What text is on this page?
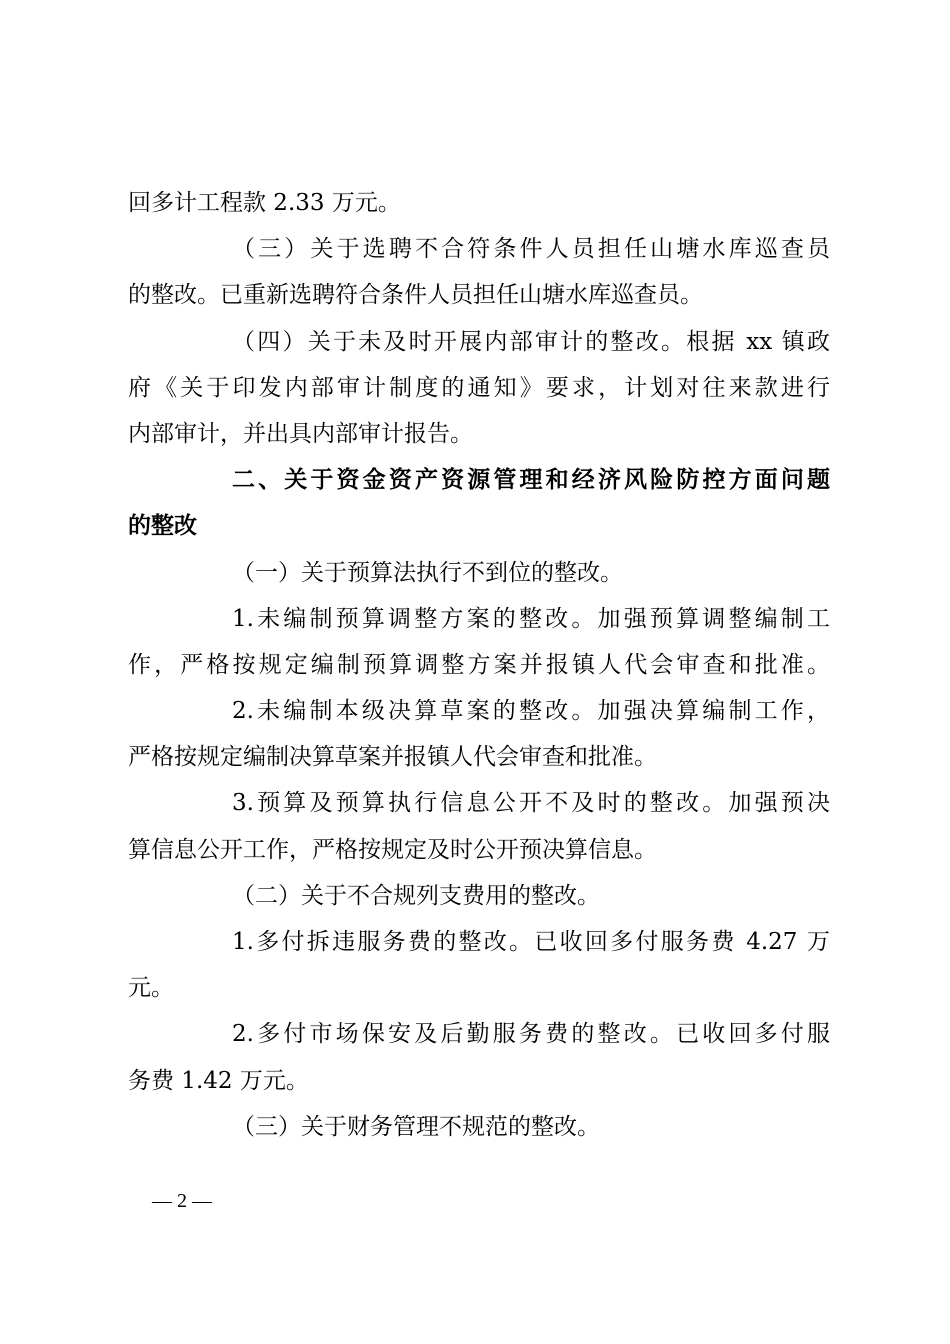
回多计工程款 2.33 万元。
（三）关于选聘不合符条件人员担任山塘水库巡查员
的整改。已重新选聘符合条件人员担任山塘水库巡查员。
（四）关于未及时开展内部审计的整改。根据 xx 镇政
府《关于印发内部审计制度的通知》要求，计划对往来款进行
内部审计，并出具内部审计报告。
二、关于资金资产资源管理和经济风险防控方面问题
的整改
（一）关于预算法执行不到位的整改。
1.未编制预算调整方案的整改。加强预算调整编制工
作，严格按规定编制预算调整方案并报镇人代会审查和批准。
2.未编制本级决算草案的整改。加强决算编制工作，
严格按规定编制决算草案并报镇人代会审查和批准。
3.预算及预算执行信息公开不及时的整改。加强预决
算信息公开工作，严格按规定及时公开预决算信息。
（二）关于不合规列支费用的整改。
1.多付拆违服务费的整改。已收回多付服务费 4.27 万
元。
2.多付市场保安及后勤服务费的整改。已收回多付服
务费 1.42 万元。
（三）关于财务管理不规范的整改。
— 2 —
